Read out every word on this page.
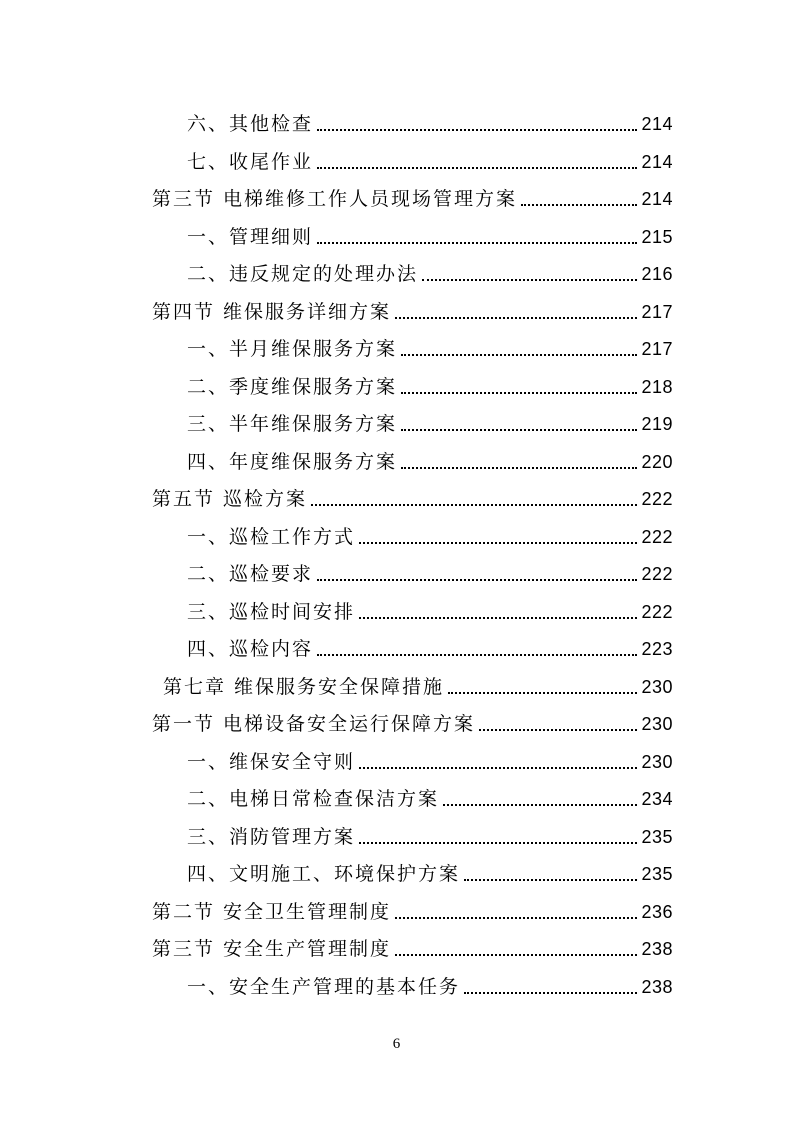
六、其他检查	214
七、收尾作业	214
第三节 电梯维修工作人员现场管理方案	214
一、管理细则	215
二、违反规定的处理办法	216
第四节 维保服务详细方案	217
一、半月维保服务方案	217
二、季度维保服务方案	218
三、半年维保服务方案	219
四、年度维保服务方案	220
第五节 巡检方案	222
一、巡检工作方式	222
二、巡检要求	222
三、巡检时间安排	222
四、巡检内容	223
第七章 维保服务安全保障措施	230
第一节 电梯设备安全运行保障方案	230
一、维保安全守则	230
二、电梯日常检查保洁方案	234
三、消防管理方案	235
四、文明施工、环境保护方案	235
第二节 安全卫生管理制度	236
第三节 安全生产管理制度	238
一、安全生产管理的基本任务	238
6
